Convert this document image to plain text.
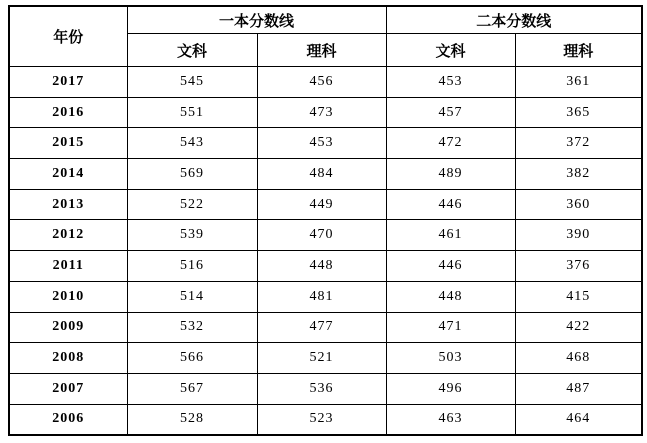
年份	一本分数线		二本分数线	
	文科	理科	文科	理科
2017	545	456	453	361
2016	551	473	457	365
2015	543	453	472	372
2014	569	484	489	382
2013	522	449	446	360
2012	539	470	461	390
2011	516	448	446	376
2010	514	481	448	415
2009	532	477	471	422
2008	566	521	503	468
2007	567	536	496	487
2006	528	523	463	464
